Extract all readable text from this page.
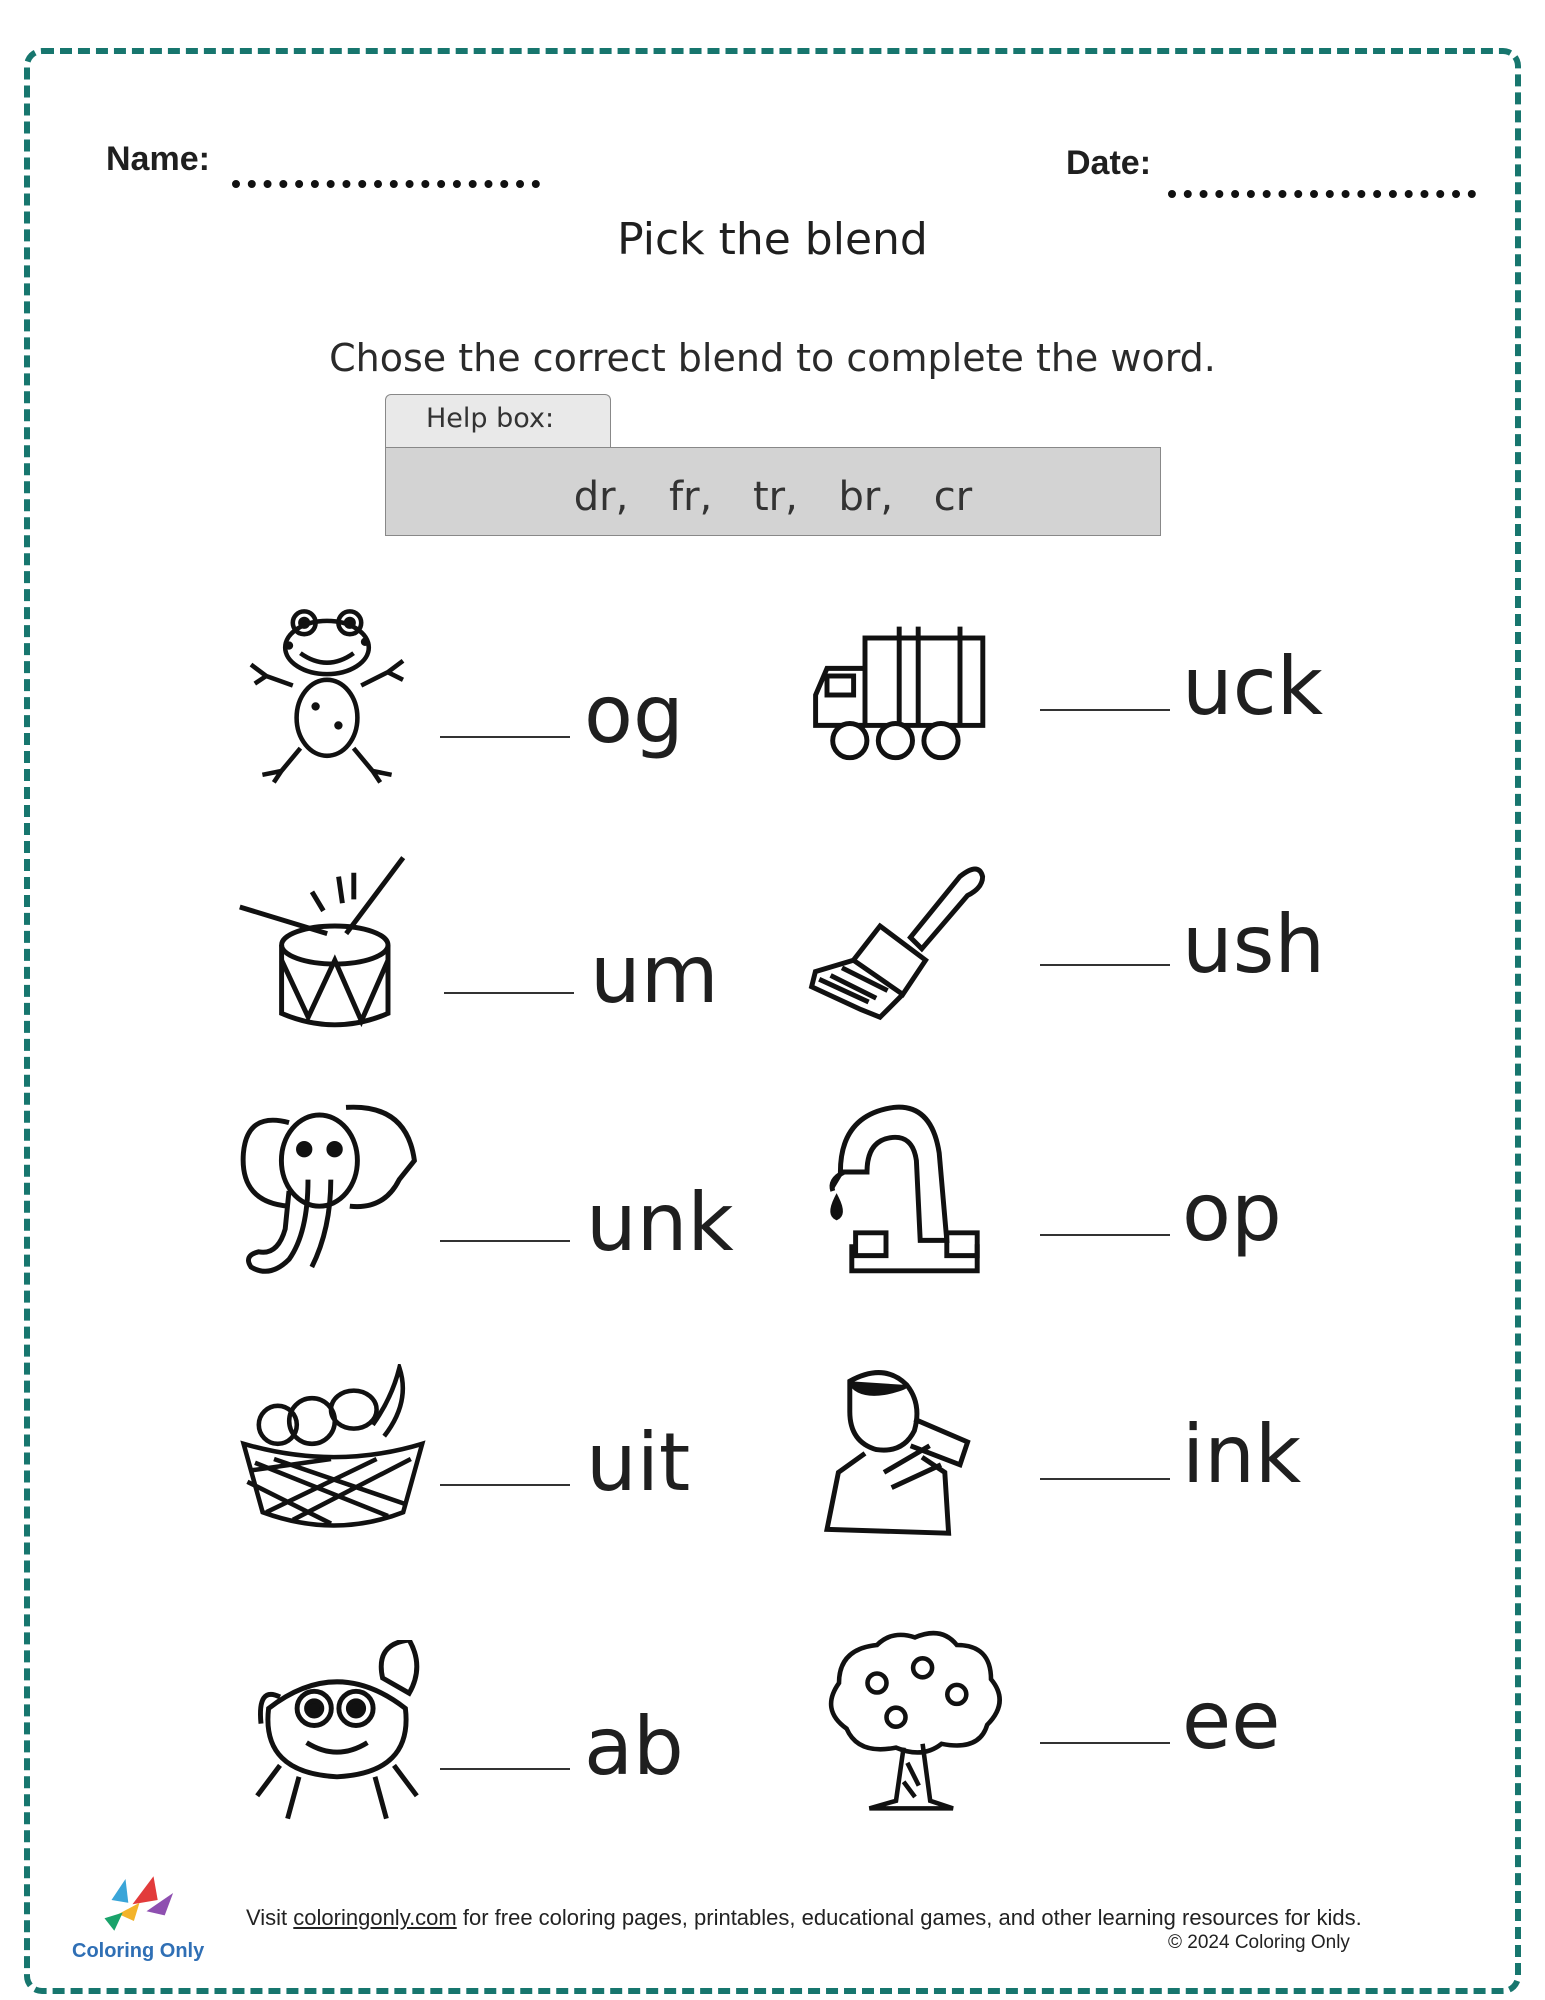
Name:	Date:
Pick the blend
Chose the correct blend to complete the word.
Help box:
dr, fr, tr, br, cr
og	uck
um	ush
unk	op
uit	ink
ab	ee
Coloring Only
Visit coloringonly.com for free coloring pages, printables, educational games, and other learning resources for kids.
© 2024 Coloring Only
